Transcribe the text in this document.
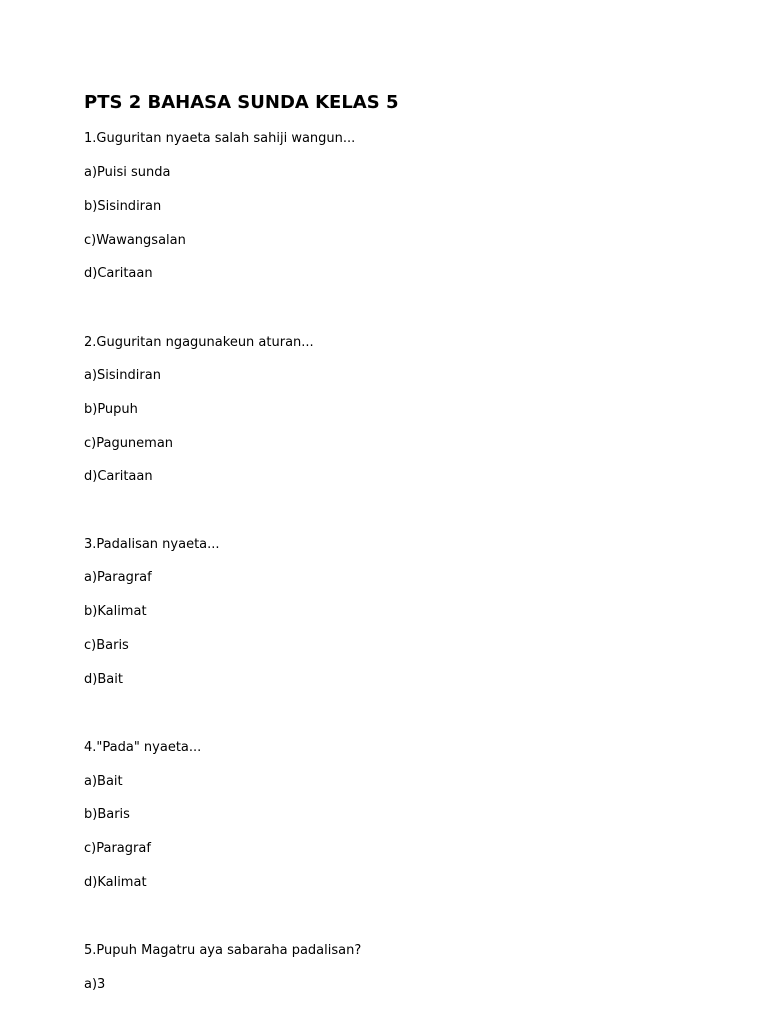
PTS 2 BAHASA SUNDA KELAS 5
1.Guguritan nyaeta salah sahiji wangun...
a)Puisi sunda
b)Sisindiran
c)Wawangsalan
d)Caritaan
2.Guguritan ngagunakeun aturan...
a)Sisindiran
b)Pupuh
c)Paguneman
d)Caritaan
3.Padalisan nyaeta...
a)Paragraf
b)Kalimat
c)Baris
d)Bait
4."Pada" nyaeta...
a)Bait
b)Baris
c)Paragraf
d)Kalimat
5.Pupuh Magatru aya sabaraha padalisan?
a)3
